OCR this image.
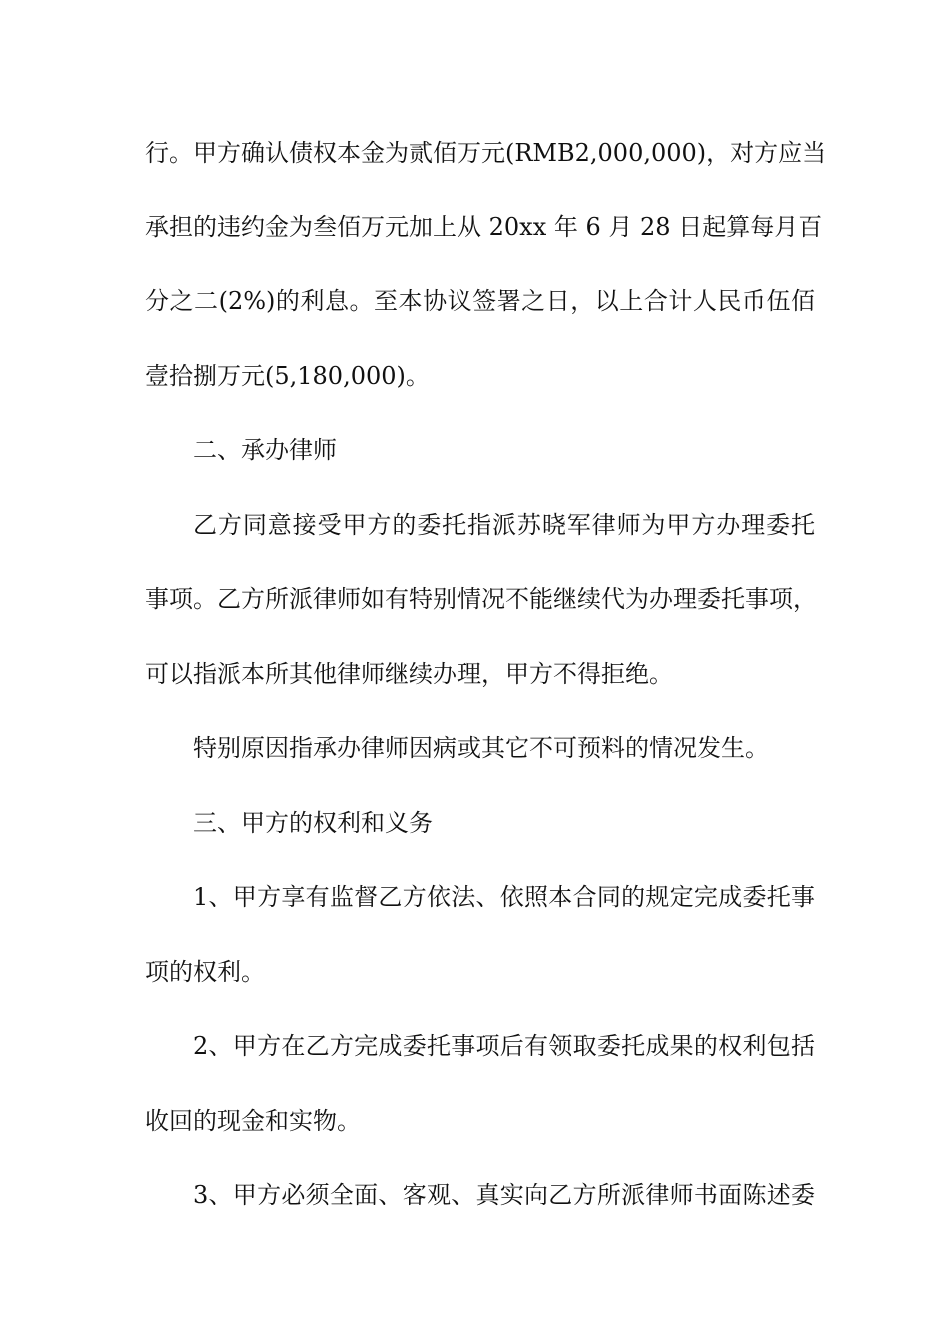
行。甲方确认债权本金为贰佰万元(RMB2,000,000)，对方应当
承担的违约金为叁佰万元加上从 20xx 年 6 月 28 日起算每月百
分之二(2%)的利息。至本协议签署之日，以上合计人民币伍佰
壹拾捌万元(5,180,000)。
二、承办律师
乙方同意接受甲方的委托指派苏晓军律师为甲方办理委托
事项。乙方所派律师如有特别情况不能继续代为办理委托事项，
可以指派本所其他律师继续办理，甲方不得拒绝。
特别原因指承办律师因病或其它不可预料的情况发生。
三、甲方的权利和义务
1、甲方享有监督乙方依法、依照本合同的规定完成委托事
项的权利。
2、甲方在乙方完成委托事项后有领取委托成果的权利包括
收回的现金和实物。
3、甲方必须全面、客观、真实向乙方所派律师书面陈述委
